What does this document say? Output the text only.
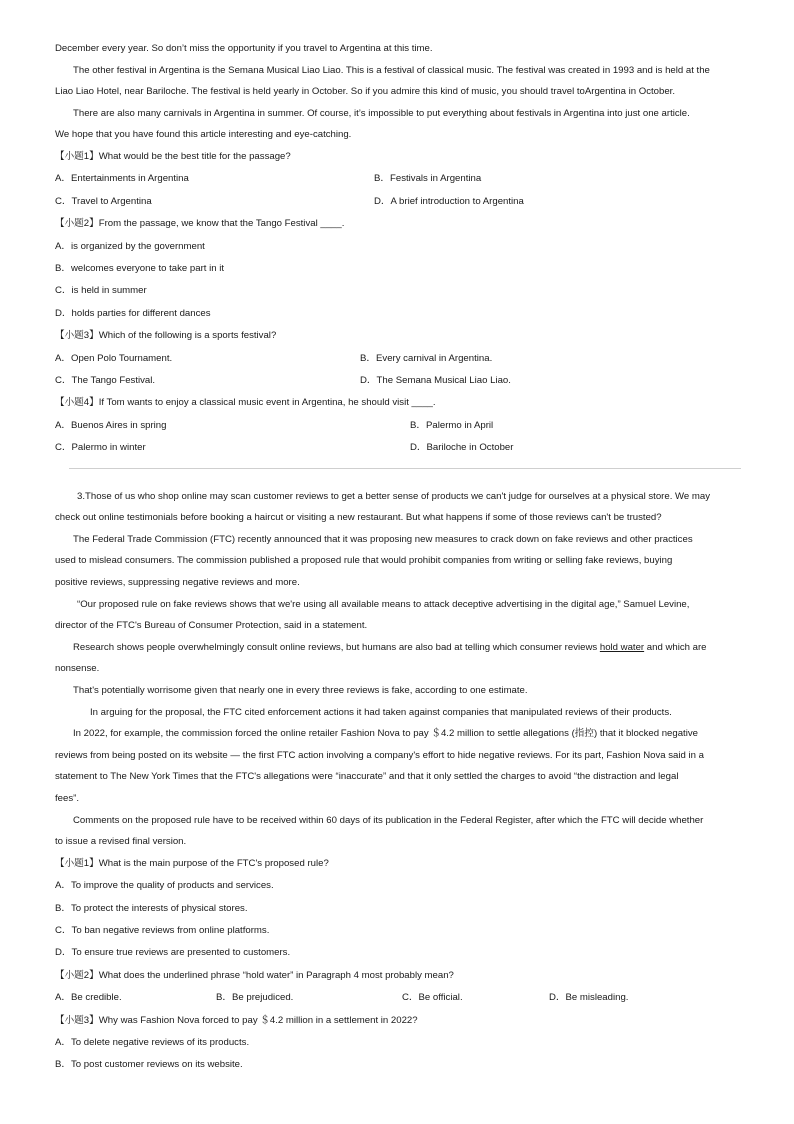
December every year. So don’t miss the opportunity if you travel to Argentina at this time.

The other festival in Argentina is the Semana Musical Liao Liao. This is a festival of classical music. The festival was created in 1993 and is held at the

Liao Liao Hotel, near Bariloche. The festival is held yearly in October. So if you admire this kind of music, you should travel toArgentina in October.

There are also many carnivals in Argentina in summer. Of course, it’s impossible to put everything about festivals in Argentina into just one article.

We hope that you have found this article interesting and eye-catching.

【小题1】What would be the best title for the passage?
A．Entertainments in Argentina	B．Festivals in Argentina
C．Travel to Argentina	D．A brief introduction to Argentina
【小题2】From the passage, we know that the Tango Festival ____.
A．is organized by the government
B．welcomes everyone to take part in it
C．is held in summer
D．holds parties for different dances
【小题3】Which of the following is a sports festival?
A．Open Polo Tournament.	B．Every carnival in Argentina.
C．The Tango Festival.	D．The Semana Musical Liao Liao.
【小题4】If Tom wants to enjoy a classical music event in Argentina, he should visit ____.
A．Buenos Aires in spring	B．Palermo in April
C．Palermo in winter	D．Bariloche in October

3.Those of us who shop online may scan customer reviews to get a better sense of products we can't judge for ourselves at a physical store. We may

check out online testimonials before booking a haircut or visiting a new restaurant. But what happens if some of those reviews can't be trusted?

The Federal Trade Commission (FTC) recently announced that it was proposing new measures to crack down on fake reviews and other practices

used to mislead consumers. The commission published a proposed rule that would prohibit companies from writing or selling fake reviews, buying

positive reviews, suppressing negative reviews and more.

“Our proposed rule on fake reviews shows that we're using all available means to attack deceptive advertising in the digital age,” Samuel Levine,

director of the FTC's Bureau of Consumer Protection, said in a statement.

Research shows people overwhelmingly consult online reviews, but humans are also bad at telling which consumer reviews hold water and which are

nonsense.

That's potentially worrisome given that nearly one in every three reviews is fake, according to one estimate.

In arguing for the proposal, the FTC cited enforcement actions it had taken against companies that manipulated reviews of their products.

In 2022, for example, the commission forced the online retailer Fashion Nova to pay ＄4.2 million to settle allegations (指控) that it blocked negative

reviews from being posted on its website — the first FTC action involving a company's effort to hide negative reviews. For its part, Fashion Nova said in a

statement to The New York Times that the FTC's allegations were “inaccurate” and that it only settled the charges to avoid “the distraction and legal

fees”.

Comments on the proposed rule have to be received within 60 days of its publication in the Federal Register, after which the FTC will decide whether

to issue a revised final version.

【小题1】What is the main purpose of the FTC's proposed rule?
A．To improve the quality of products and services.
B．To protect the interests of physical stores.
C．To ban negative reviews from online platforms.
D．To ensure true reviews are presented to customers.
【小题2】What does the underlined phrase “hold water” in Paragraph 4 most probably mean?
A．Be credible.	B．Be prejudiced.	C．Be official.	D．Be misleading.
【小题3】Why was Fashion Nova forced to pay ＄4.2 million in a settlement in 2022?
A．To delete negative reviews of its products.
B．To post customer reviews on its website.
